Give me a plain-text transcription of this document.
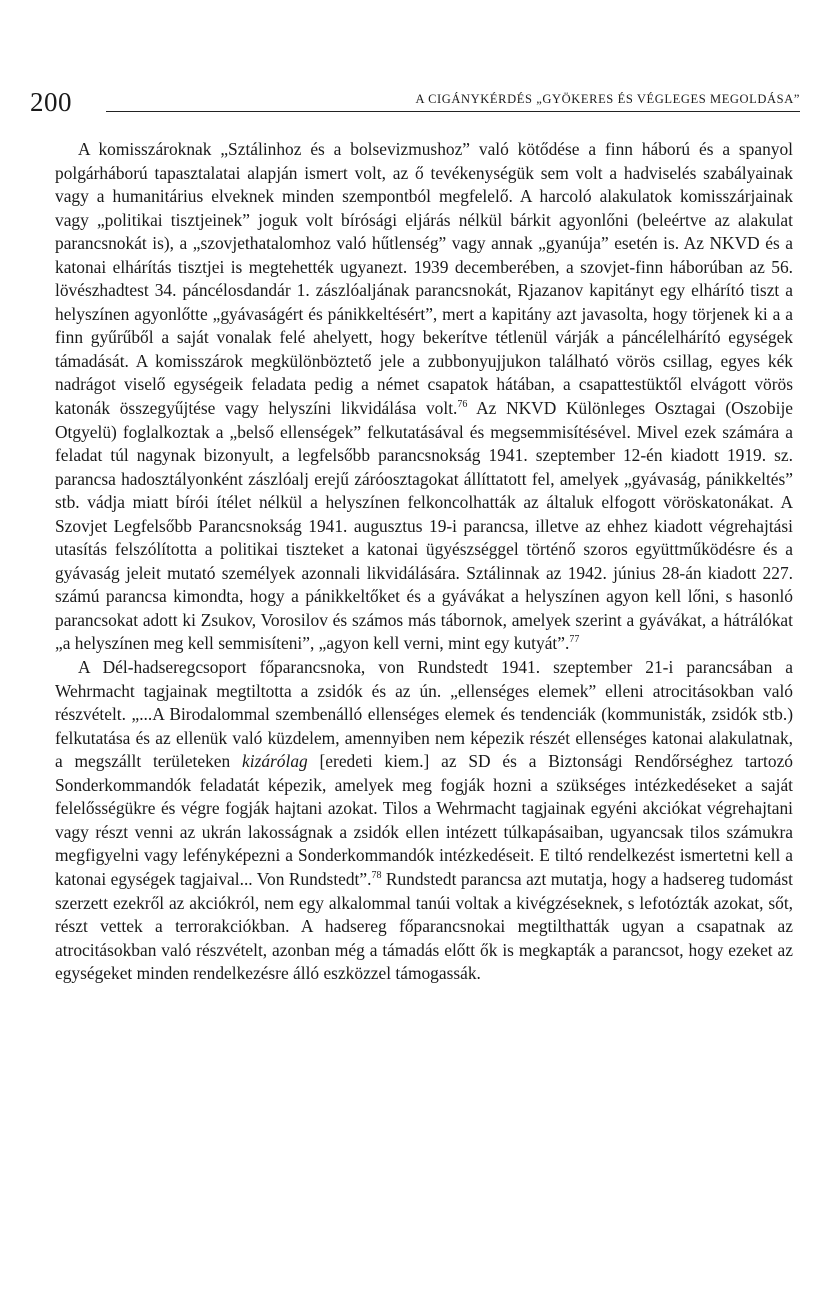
200	A CIGÁNYKÉRDÉS „GYÖKERES ÉS VÉGLEGES MEGOLDÁSA”

A komisszároknak „Sztálinhoz és a bolsevizmushoz” való kötődése a finn háború és a spanyol polgárháború tapasztalatai alapján ismert volt, az ő tevékenységük sem volt a hadviselés szabályainak vagy a humanitárius elveknek minden szempontból megfelelő. A harcoló alakulatok komisszárjainak vagy „politikai tisztjeinek” joguk volt bírósági eljárás nélkül bárkit agyonlőni (beleértve az alakulat parancsnokát is), a „szovjethatalomhoz való hűtlenség” vagy annak „gyanúja” esetén is. Az NKVD és a katonai elhárítás tisztjei is megtehették ugyanezt. 1939 decemberében, a szovjet-finn háborúban az 56. lövészhadtest 34. páncélosdandár 1. zászlóaljának parancsnokát, Rjazanov kapitányt egy elhárító tiszt a helyszínen agyonlőtte „gyávaságért és pánikkeltésért”, mert a kapitány azt javasolta, hogy törjenek ki a a finn gyűrűből a saját vonalak felé ahelyett, hogy bekerítve tétlenül várják a páncélelhárító egységek támadását. A komisszárok megkülönböztető jele a zubbonyujjukon található vörös csillag, egyes kék nadrágot viselő egységeik feladata pedig a német csapatok hátában, a csapattestüktől elvágott vörös katonák összegyűjtése vagy helyszíni likvidálása volt.$^{76}$ Az NKVD Különleges Osztagai (Oszobije Otgyelü) foglalkoztak a „belső ellenségek” felkutatásával és megsemmisítésével. Mivel ezek számára a feladat túl nagynak bizonyult, a legfelsőbb parancsnokság 1941. szeptember 12-én kiadott 1919. sz. parancsa hadosztályonként zászlóalj erejű záróosztagokat állíttatott fel, amelyek „gyávaság, pánikkeltés” stb. vádja miatt bírói ítélet nélkül a helyszínen felkoncolhatták az általuk elfogott vöröskatonákat. A Szovjet Legfelsőbb Parancsnokság 1941. augusztus 19-i parancsa, illetve az ehhez kiadott végrehajtási utasítás felszólította a politikai tiszteket a katonai ügyészséggel történő szoros együttműködésre és a gyávaság jeleit mutató személyek azonnali likvidálására. Sztálinnak az 1942. június 28-án kiadott 227. számú parancsa kimondta, hogy a pánikkeltőket és a gyávákat a helyszínen agyon kell lőni, s hasonló parancsokat adott ki Zsukov, Vorosilov és számos más tábornok, amelyek szerint a gyávákat, a hátrálókat „a helyszínen meg kell semmisíteni”, „agyon kell verni, mint egy kutyát”.$^{77}$

A Dél-hadseregcsoport főparancsnoka, von Rundstedt 1941. szeptember 21-i parancsában a Wehrmacht tagjainak megtiltotta a zsidók és az ún. „ellenséges elemek” elleni atrocitásokban való részvételt. „...A Birodalommal szembenálló ellenséges elemek és tendenciák (kommunisták, zsidók stb.) felkutatása és az ellenük való küzdelem, amennyiben nem képezik részét ellenséges katonai alakulatnak, a megszállt területeken kizárólag [eredeti kiem.] az SD és a Biztonsági Rendőrséghez tartozó Sonderkommandók feladatát képezik, amelyek meg fogják hozni a szükséges intézkedéseket a saját felelősségükre és végre fogják hajtani azokat. Tilos a Wehrmacht tagjainak egyéni akciókat végrehajtani vagy részt venni az ukrán lakosságnak a zsidók ellen intézett túlkapásaiban, ugyancsak tilos számukra megfigyelni vagy lefényképezni a Sonderkommandók intézkedéseit. E tiltó rendelkezést ismertetni kell a katonai egységek tagjaival... Von Rundstedt”.$^{78}$ Rundstedt parancsa azt mutatja, hogy a hadsereg tudomást szerzett ezekről az akciókról, nem egy alkalommal tanúi voltak a kivégzéseknek, s lefotózták azokat, sőt, részt vettek a terrorakciókban. A hadsereg főparancsnokai megtilthatták ugyan a csapatnak az atrocitásokban való részvételt, azonban még a támadás előtt ők is megkapták a parancsot, hogy ezeket az egységeket minden rendelkezésre álló eszközzel támogassák.
